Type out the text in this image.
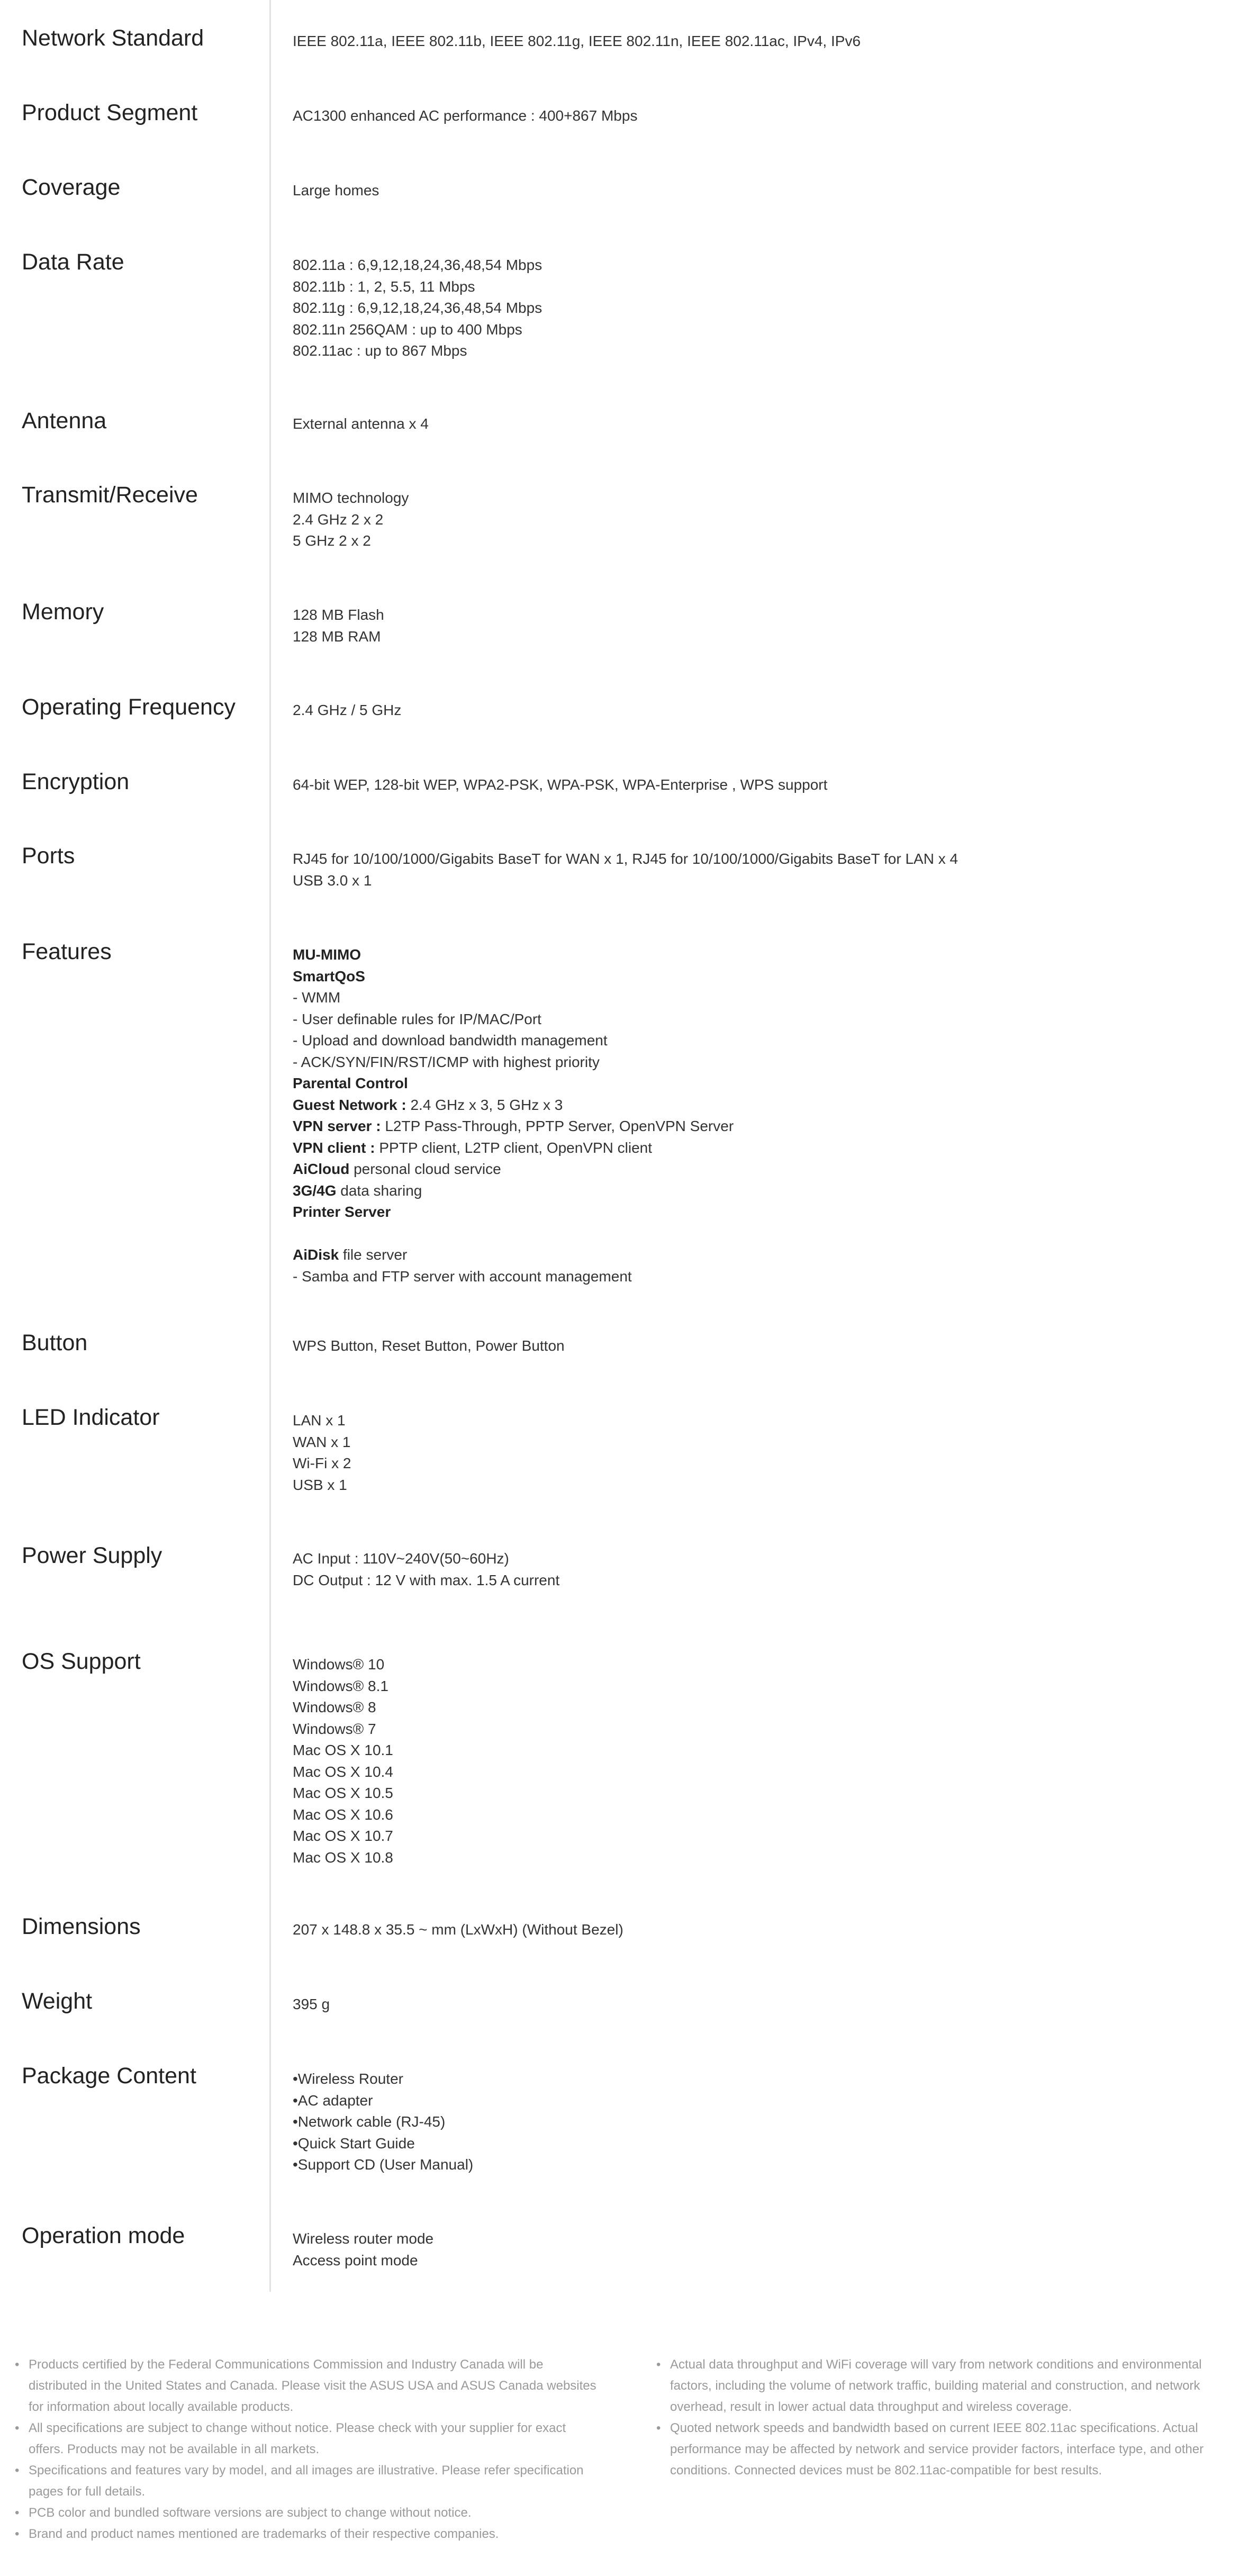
Network Standard	IEEE 802.11a, IEEE 802.11b, IEEE 802.11g, IEEE 802.11n, IEEE 802.11ac, IPv4, IPv6
Product Segment	AC1300 enhanced AC performance : 400+867 Mbps
Coverage	Large homes
Data Rate	802.11a : 6,9,12,18,24,36,48,54 Mbps
802.11b : 1, 2, 5.5, 11 Mbps
802.11g : 6,9,12,18,24,36,48,54 Mbps
802.11n 256QAM : up to 400 Mbps
802.11ac : up to 867 Mbps
Antenna	External antenna x 4
Transmit/Receive	MIMO technology
2.4 GHz 2 x 2
5 GHz 2 x 2
Memory	128 MB Flash
128 MB RAM
Operating Frequency	2.4 GHz / 5 GHz
Encryption	64-bit WEP, 128-bit WEP, WPA2-PSK, WPA-PSK, WPA-Enterprise , WPS support
Ports	RJ45 for 10/100/1000/Gigabits BaseT for WAN x 1, RJ45 for 10/100/1000/Gigabits BaseT for LAN x 4
USB 3.0 x 1
Features	MU-MIMO
SmartQoS
- WMM
- User definable rules for IP/MAC/Port
- Upload and download bandwidth management
- ACK/SYN/FIN/RST/ICMP with highest priority
Parental Control
Guest Network : 2.4 GHz x 3, 5 GHz x 3
VPN server : L2TP Pass-Through, PPTP Server, OpenVPN Server
VPN client : PPTP client, L2TP client, OpenVPN client
AiCloud personal cloud service
3G/4G data sharing
Printer Server
AiDisk file server
- Samba and FTP server with account management
Button	WPS Button, Reset Button, Power Button
LED Indicator	LAN x 1
WAN x 1
Wi-Fi x 2
USB x 1
Power Supply	AC Input : 110V~240V(50~60Hz)
DC Output : 12 V with max. 1.5 A current
OS Support	Windows® 10
Windows® 8.1
Windows® 8
Windows® 7
Mac OS X 10.1
Mac OS X 10.4
Mac OS X 10.5
Mac OS X 10.6
Mac OS X 10.7
Mac OS X 10.8
Dimensions	207 x 148.8 x 35.5 ~ mm (LxWxH) (Without Bezel)
Weight	395 g
Package Content	•Wireless Router
•AC adapter
•Network cable (RJ-45)
•Quick Start Guide
•Support CD (User Manual)
Operation mode	Wireless router mode
Access point mode
• Products certified by the Federal Communications Commission and Industry Canada will be distributed in the United States and Canada. Please visit the ASUS USA and ASUS Canada websites for information about locally available products.
• All specifications are subject to change without notice. Please check with your supplier for exact offers. Products may not be available in all markets.
• Specifications and features vary by model, and all images are illustrative. Please refer specification pages for full details.
• PCB color and bundled software versions are subject to change without notice.
• Brand and product names mentioned are trademarks of their respective companies.
• Actual data throughput and WiFi coverage will vary from network conditions and environmental factors, including the volume of network traffic, building material and construction, and network overhead, result in lower actual data throughput and wireless coverage.
• Quoted network speeds and bandwidth based on current IEEE 802.11ac specifications. Actual performance may be affected by network and service provider factors, interface type, and other conditions. Connected devices must be 802.11ac-compatible for best results.
